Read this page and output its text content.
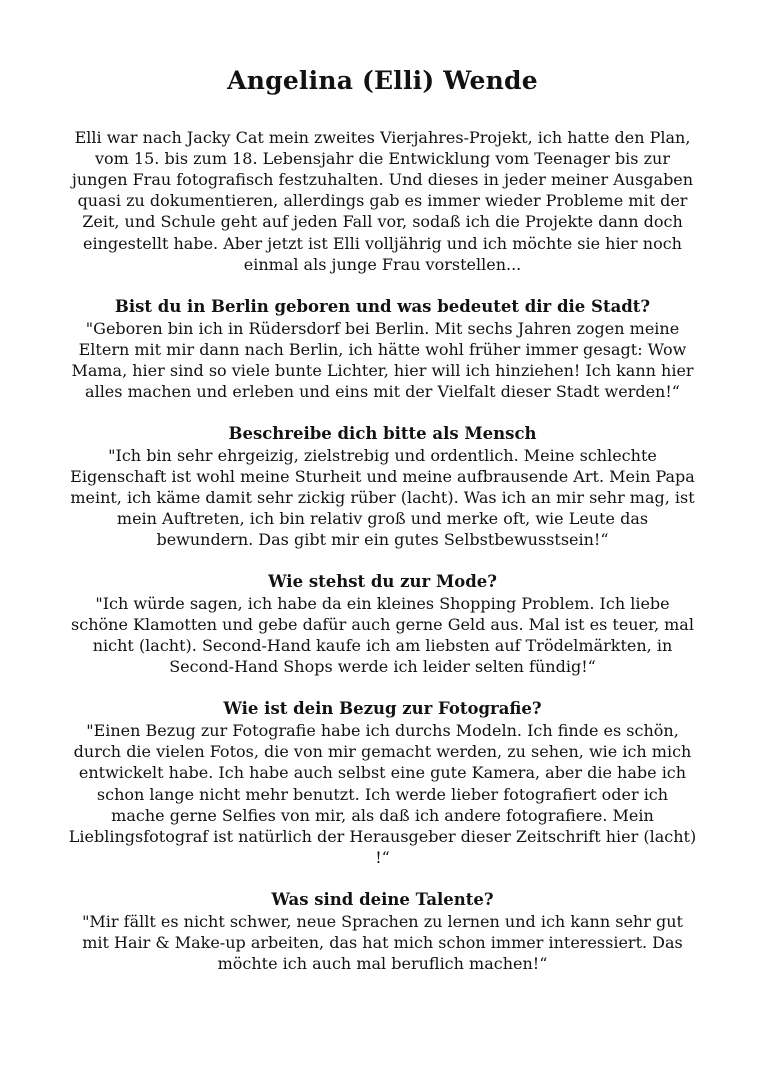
Angelina (Elli) Wende

Elli war nach Jacky Cat mein zweites Vierjahres-Projekt, ich hatte den Plan, vom 15. bis zum 18. Lebensjahr die Entwicklung vom Teenager bis zur jungen Frau fotografisch festzuhalten. Und dieses in jeder meiner Ausgaben quasi zu dokumentieren, allerdings gab es immer wieder Probleme mit der Zeit, und Schule geht auf jeden Fall vor, sodaß ich die Projekte dann doch eingestellt habe. Aber jetzt ist Elli volljährig und ich möchte sie hier noch einmal als junge Frau vorstellen...

Bist du in Berlin geboren und was bedeutet dir die Stadt?

"Geboren bin ich in Rüdersdorf bei Berlin. Mit sechs Jahren zogen meine Eltern mit mir dann nach Berlin, ich hätte wohl früher immer gesagt: Wow Mama, hier sind so viele bunte Lichter, hier will ich hinziehen! Ich kann hier alles machen und erleben und eins mit der Vielfalt dieser Stadt werden!“

Beschreibe dich bitte als Mensch

"Ich bin sehr ehrgeizig, zielstrebig und ordentlich. Meine schlechte Eigenschaft ist wohl meine Sturheit und meine aufbrausende Art. Mein Papa meint, ich käme damit sehr zickig rüber (lacht). Was ich an mir sehr mag, ist mein Auftreten, ich bin relativ groß und merke oft, wie Leute das bewundern. Das gibt mir ein gutes Selbstbewusstsein!“

Wie stehst du zur Mode?

"Ich würde sagen, ich habe da ein kleines Shopping Problem. Ich liebe schöne Klamotten und gebe dafür auch gerne Geld aus. Mal ist es teuer, mal nicht (lacht). Second-Hand kaufe ich am liebsten auf Trödelmärkten, in Second-Hand Shops werde ich leider selten fündig!“

Wie ist dein Bezug zur Fotografie?

"Einen Bezug zur Fotografie habe ich durchs Modeln. Ich finde es schön, durch die vielen Fotos, die von mir gemacht werden, zu sehen, wie ich mich entwickelt habe. Ich habe auch selbst eine gute Kamera, aber die habe ich schon lange nicht mehr benutzt. Ich werde lieber fotografiert oder ich mache gerne Selfies von mir, als daß ich andere fotografiere. Mein Lieblingsfotograf ist natürlich der Herausgeber dieser Zeitschrift hier (lacht) !“

Was sind deine Talente?

"Mir fällt es nicht schwer, neue Sprachen zu lernen und ich kann sehr gut mit Hair & Make-up arbeiten, das hat mich schon immer interessiert. Das möchte ich auch mal beruflich machen!“
